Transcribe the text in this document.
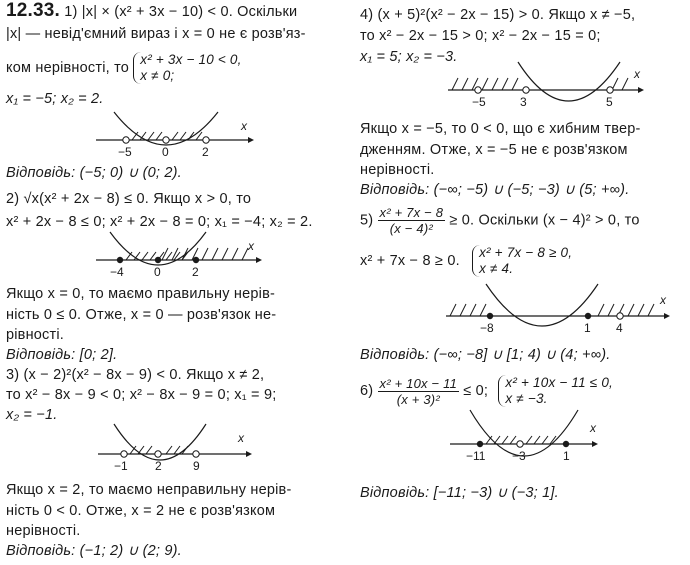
12.33. 1) |x| × (x² + 3x − 10) < 0. Оскільки
|x| — невід'ємний вираз і x = 0 не є розв'яз-
ком нерівності, то
x² + 3x − 10 < 0,
x ≠ 0;
x₁ = −5; x₂ = 2.
−5	0	2
x
Відповідь: (−5; 0) ∪ (0; 2).
2) √x(x² + 2x − 8) ≤ 0. Якщо x > 0, то
x² + 2x − 8 ≤ 0; x² + 2x − 8 = 0; x₁ = −4; x₂ = 2.
−4	0	2
x
Якщо x = 0, то маємо правильну нерів-
ність 0 ≤ 0. Отже, x = 0 — розв'язок не-
рівності.
Відповідь: [0; 2].
3) (x − 2)²(x² − 8x − 9) < 0. Якщо x ≠ 2,
то x² − 8x − 9 < 0; x² − 8x − 9 = 0; x₁ = 9;
x₂ = −1.
−1 2	9
x
Якщо x = 2, то маємо неправильну нерів-
ність 0 < 0. Отже, x = 2 не є розв'язком
нерівності.
Відповідь: (−1; 2) ∪ (2; 9).
4) (x + 5)²(x² − 2x − 15) > 0. Якщо x ≠ −5,
то x² − 2x − 15 > 0; x² − 2x − 15 = 0;
x₁ = 5; x₂ = −3.
−5	3	5
x
Якщо x = −5, то 0 < 0, що є хибним твер-
дженням. Отже, x = −5 не є розв'язком
нерівності.
Відповідь: (−∞; −5) ∪ (−5; −3) ∪ (5; +∞).
$5) \frac{\text{x² + 7x − 8}}{\text{(x − 4)²}} \ge 0$. Оскільки (x − 4)² > 0, то
x² + 7x − 8 ≥ 0.
x² + 7x − 8 ≥ 0,
x ≠ 4.
−8	1 4
x
Відповідь: (−∞; −8] ∪ [1; 4) ∪ (4; +∞).
$6) \frac{\text{x² + 10x − 11}}{\text{(x + 3)²}} \le 0$;
x² + 10x − 11 ≤ 0,
x ≠ −3.
−11 −3	1
x
Відповідь: [−11; −3) ∪ (−3; 1].
